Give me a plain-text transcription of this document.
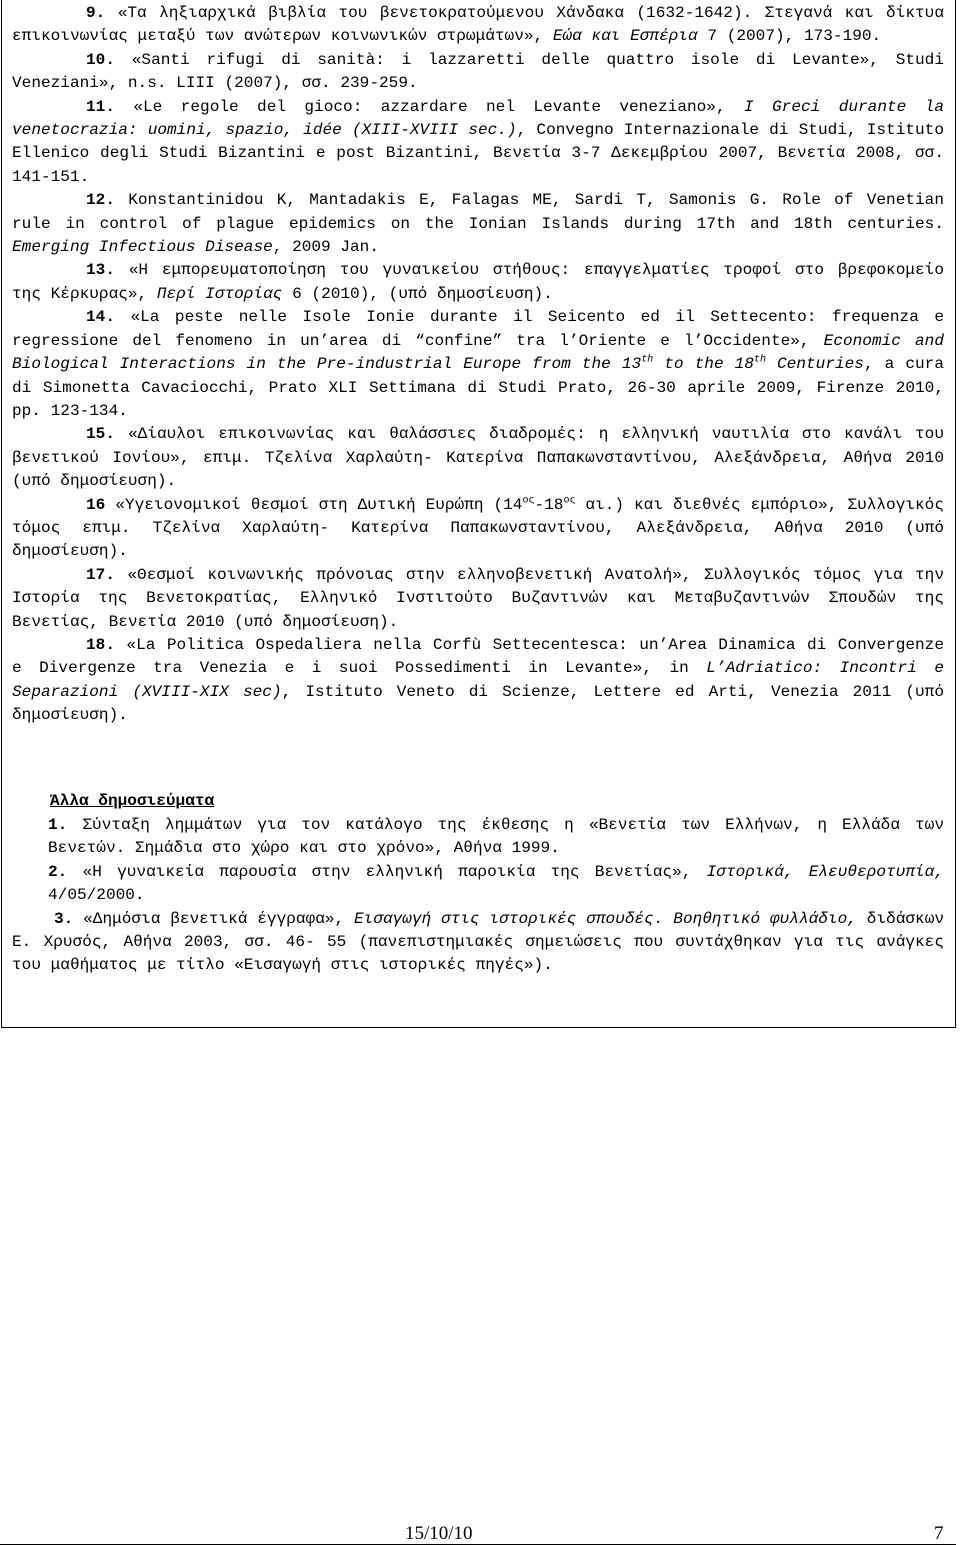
9. «Τα ληξιαρχικά βιβλία του βενετοκρατούμενου Χάνδακα (1632-1642). Στεγανά και δίκτυα επικοινωνίας μεταξύ των ανώτερων κοινωνικών στρωμάτων», Εώα και Εσπέρια 7 (2007), 173-190.

10. «Santi rifugi di sanità: i lazzaretti delle quattro isole di Levante», Studi Veneziani», n.s. LIII (2007), σσ. 239-259.

11. «Le regole del gioco: azzardare nel Levante veneziano», I Greci durante la venetocrazia: uomini, spazio, idée (XIII-XVIII sec.), Convegno Internazionale di Studi, Istituto Ellenico degli Studi Bizantini e post Bizantini, Βενετία 3-7 Δεκεμβρίου 2007, Βενετία 2008, σσ. 141-151.

12. Konstantinidou K, Mantadakis E, Falagas ME, Sardi T, Samonis G. Role of Venetian rule in control of plague epidemics on the Ionian Islands during 17th and 18th centuries. Emerging Infectious Disease, 2009 Jan.

13. «Η εμπορευματοποίηση του γυναικείου στήθους: επαγγελματίες τροφοί στο βρεφοκομείο της Κέρκυρας», Περί Ιστορίας 6 (2010), (υπό δημοσίευση).

14. «La peste nelle Isole Ionie durante il Seicento ed il Settecento: frequenza e regressione del fenomeno in un’area di “confine” tra l’Oriente e l’Occidente», Economic and Biological Interactions in the Pre-industrial Europe from the 13th to the 18th Centuries, a cura di Simonetta Cavaciocchi, Prato XLI Settimana di Studi Prato, 26-30 aprile 2009, Firenze 2010, pp. 123-134.

15. «Δίαυλοι επικοινωνίας και θαλάσσιες διαδρομές: η ελληνική ναυτιλία στο κανάλι του βενετικού Ιονίου», επιμ. Τζελίνα Χαρλαύτη- Κατερίνα Παπακωνσταντίνου, Αλεξάνδρεια, Αθήνα 2010 (υπό δημοσίευση).

16 «Υγειονομικοί θεσμοί στη Δυτική Ευρώπη ($14^{o\varsigma}-18^{o\varsigma}$ αι.) και διεθνές εμπόριο», Συλλογικός τόμος επιμ. Τζελίνα Χαρλαύτη- Κατερίνα Παπακωνσταντίνου, Αλεξάνδρεια, Αθήνα 2010 (υπό δημοσίευση).

17. «Θεσμοί κοινωνικής πρόνοιας στην ελληνοβενετική Ανατολή», Συλλογικός τόμος για την Ιστορία της Βενετοκρατίας, Ελληνικό Ινστιτούτο Βυζαντινών και Μεταβυζαντινών Σπουδών της Βενετίας, Βενετία 2010 (υπό δημοσίευση).

18. «La Politica Ospedaliera nella Corfù Settecentesca: un’Area Dinamica di Convergenze e Divergenze tra Venezia e i suoi Possedimenti in Levante», in L’Adriatico: Incontri e Separazioni (XVIII-XIX sec), Istituto Veneto di Scienze, Lettere ed Arti, Venezia 2011 (υπό δημοσίευση).

Άλλα δημοσιεύματα

1. Σύνταξη λημμάτων για τον κατάλογο της έκθεσης η «Βενετία των Ελλήνων, η Ελλάδα των Βενετών. Σημάδια στο χώρο και στο χρόνο», Αθήνα 1999.

2. «Η γυναικεία παρουσία στην ελληνική παροικία της Βενετίας», Ιστορικά, Ελευθεροτυπία, 4/05/2000.

3. «Δημόσια βενετικά έγγραφα», Εισαγωγή στις ιστορικές σπουδές. Βοηθητικό φυλλάδιο, διδάσκων Ε. Χρυσός, Αθήνα 2003, σσ. 46- 55 (πανεπιστημιακές σημειώσεις που συντάχθηκαν για τις ανάγκες του μαθήματος με τίτλο «Εισαγωγή στις ιστορικές πηγές»).

15/10/10	7
